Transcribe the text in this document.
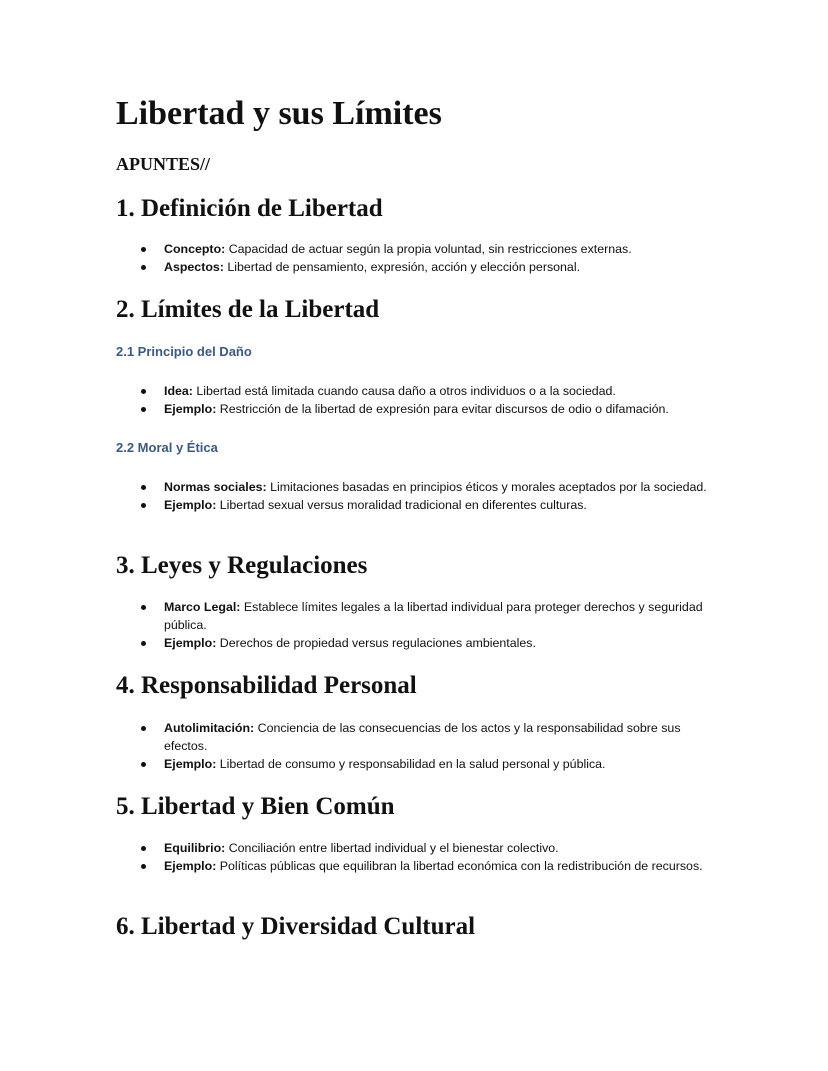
Libertad y sus Límites
APUNTES//
1. Definición de Libertad
Concepto: Capacidad de actuar según la propia voluntad, sin restricciones externas.
Aspectos: Libertad de pensamiento, expresión, acción y elección personal.
2. Límites de la Libertad
2.1 Principio del Daño
Idea: Libertad está limitada cuando causa daño a otros individuos o a la sociedad.
Ejemplo: Restricción de la libertad de expresión para evitar discursos de odio o difamación.
2.2 Moral y Ética
Normas sociales: Limitaciones basadas en principios éticos y morales aceptados por la sociedad.
Ejemplo: Libertad sexual versus moralidad tradicional en diferentes culturas.
3. Leyes y Regulaciones
Marco Legal: Establece límites legales a la libertad individual para proteger derechos y seguridad pública.
Ejemplo: Derechos de propiedad versus regulaciones ambientales.
4. Responsabilidad Personal
Autolimitación: Conciencia de las consecuencias de los actos y la responsabilidad sobre sus efectos.
Ejemplo: Libertad de consumo y responsabilidad en la salud personal y pública.
5. Libertad y Bien Común
Equilibrio: Conciliación entre libertad individual y el bienestar colectivo.
Ejemplo: Políticas públicas que equilibran la libertad económica con la redistribución de recursos.
6. Libertad y Diversidad Cultural
